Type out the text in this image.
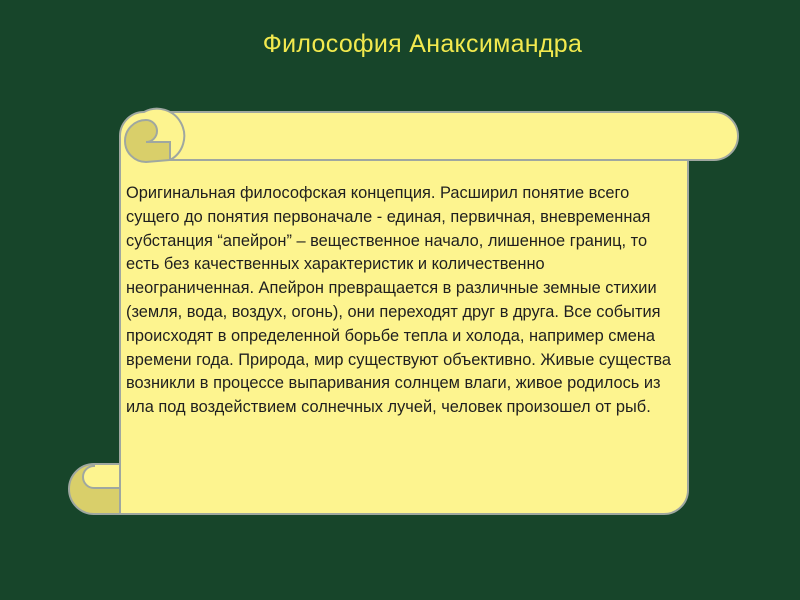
Философия Анаксимандра
Оригинальная философская концепция. Расширил понятие всего сущего до понятия первоначале - единая, первичная, вневременная субстанция “апейрон” – вещественное начало, лишенное границ, то есть без качественных характеристик и количественно неограниченная. Апейрон превращается в различные земные стихии (земля, вода, воздух, огонь), они переходят друг в друга. Все события происходят в определенной борьбе тепла и холода, например смена времени года. Природа, мир существуют объективно. Живые существа возникли в процессе выпаривания солнцем влаги, живое родилось из ила под воздействием солнечных лучей, человек произошел от рыб.
